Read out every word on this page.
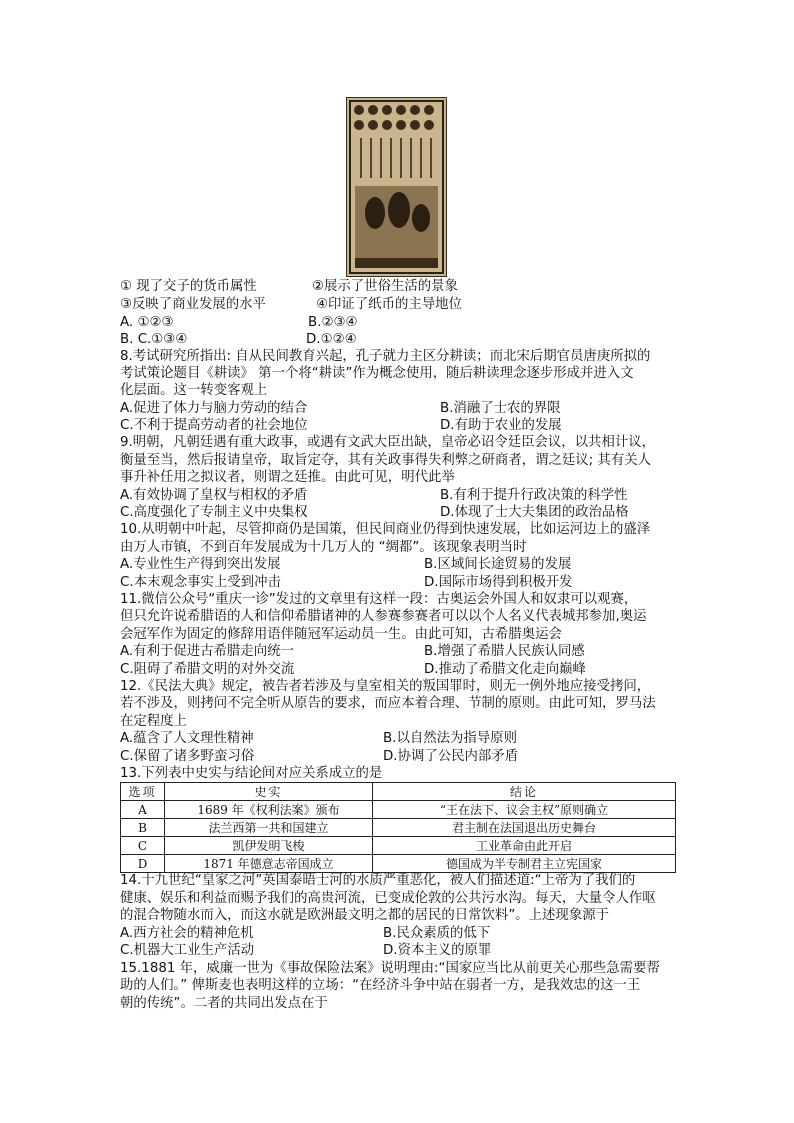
① 现了交子的货币属性	②展示了世俗生活的景象
③反映了商业发展的水平	④印证了纸币的主导地位
A. ①②③	B.②③④
B. C.①③④	D.①②④
8.考试研究所指出: 自从民间教育兴起，孔子就力主区分耕读；而北宋后期官员唐庚所拟的
考试策论题目《耕读》 第一个将“耕读”作为概念使用，随后耕读理念逐步形成并进入文
化层面。这一转变客观上
A.促进了体力与脑力劳动的结合	B.消融了士农的界限
C.不利于提高劳动者的社会地位	D.有助于农业的发展
9.明朝，凡朝廷遇有重大政事，或遇有文武大臣出缺，皇帝必诏令廷臣会议，以共相计议，
衡量至当，然后报请皇帝，取旨定夺，其有关政事得失利弊之研商者，谓之廷议; 其有关人
事升补任用之拟议者，则谓之廷推。由此可见，明代此举
A.有效协调了皇权与相权的矛盾	B.有利于提升行政决策的科学性
C.高度强化了专制主义中央集权	D.体现了士大夫集团的政治品格
10.从明朝中叶起，尽管抑商仍是国策，但民间商业仍得到快速发展，比如运河边上的盛泽
由万人市镇，不到百年发展成为十几万人的 “绸都”。该现象表明当时
A.专业性生产得到突出发展	B.区域间长途贸易的发展
C.本末观念事实上受到冲击	D.国际市场得到积极开发
11.微信公众号“重庆一诊”发过的文章里有这样一段：古奥运会外国人和奴隶可以观赛，
但只允许说希腊语的人和信仰希腊诸神的人参赛参赛者可以以个人名义代表城邦参加,奥运
会冠军作为固定的修辞用语伴随冠军运动员一生。由此可知，古希腊奥运会
A.有利于促进古希腊走向统一	B.增强了希腊人民族认同感
C.阻碍了希腊文明的对外交流	D.推动了希腊文化走向巅峰
12.《民法大典》规定，被告者若涉及与皇室相关的叛国罪时，则无一例外地应接受拷问，
若不涉及，则拷问不完全听从原告的要求，而应本着合理、节制的原则。由此可知，罗马法
在定程度上
A.蕴含了人文理性精神	B.以自然法为指导原则
C.保留了诸多野蛮习俗	D.协调了公民内部矛盾
13.下列表中史实与结论间对应关系成立的是
选项	史实	结论
A	1689 年《权利法案》颁布	“王在法下、议会主权”原则确立
B	法兰西第一共和国建立	君主制在法国退出历史舞台
C	凯伊发明飞梭	工业革命由此开启
D	1871 年德意志帝国成立	德国成为半专制君主立宪国家
14.十九世纪“皇家之河”英国泰晤士河的水质严重恶化，被人们描述道:“上帝为了我们的
健康、娱乐和利益而赐予我们的高贵河流，已变成伦敦的公共污水沟。每天，大量令人作呕
的混合物随水而入，而这水就是欧洲最文明之都的居民的日常饮料”。上述现象源于
A.西方社会的精神危机	B.民众素质的低下
C.机器大工业生产活动	D.资本主义的原罪
15.1881 年，威廉一世为《事故保险法案》说明理由:“国家应当比从前更关心那些急需要帮
助的人们。” 俾斯麦也表明这样的立场：“在经济斗争中站在弱者一方，是我效忠的这一王
朝的传统”。二者的共同出发点在于
